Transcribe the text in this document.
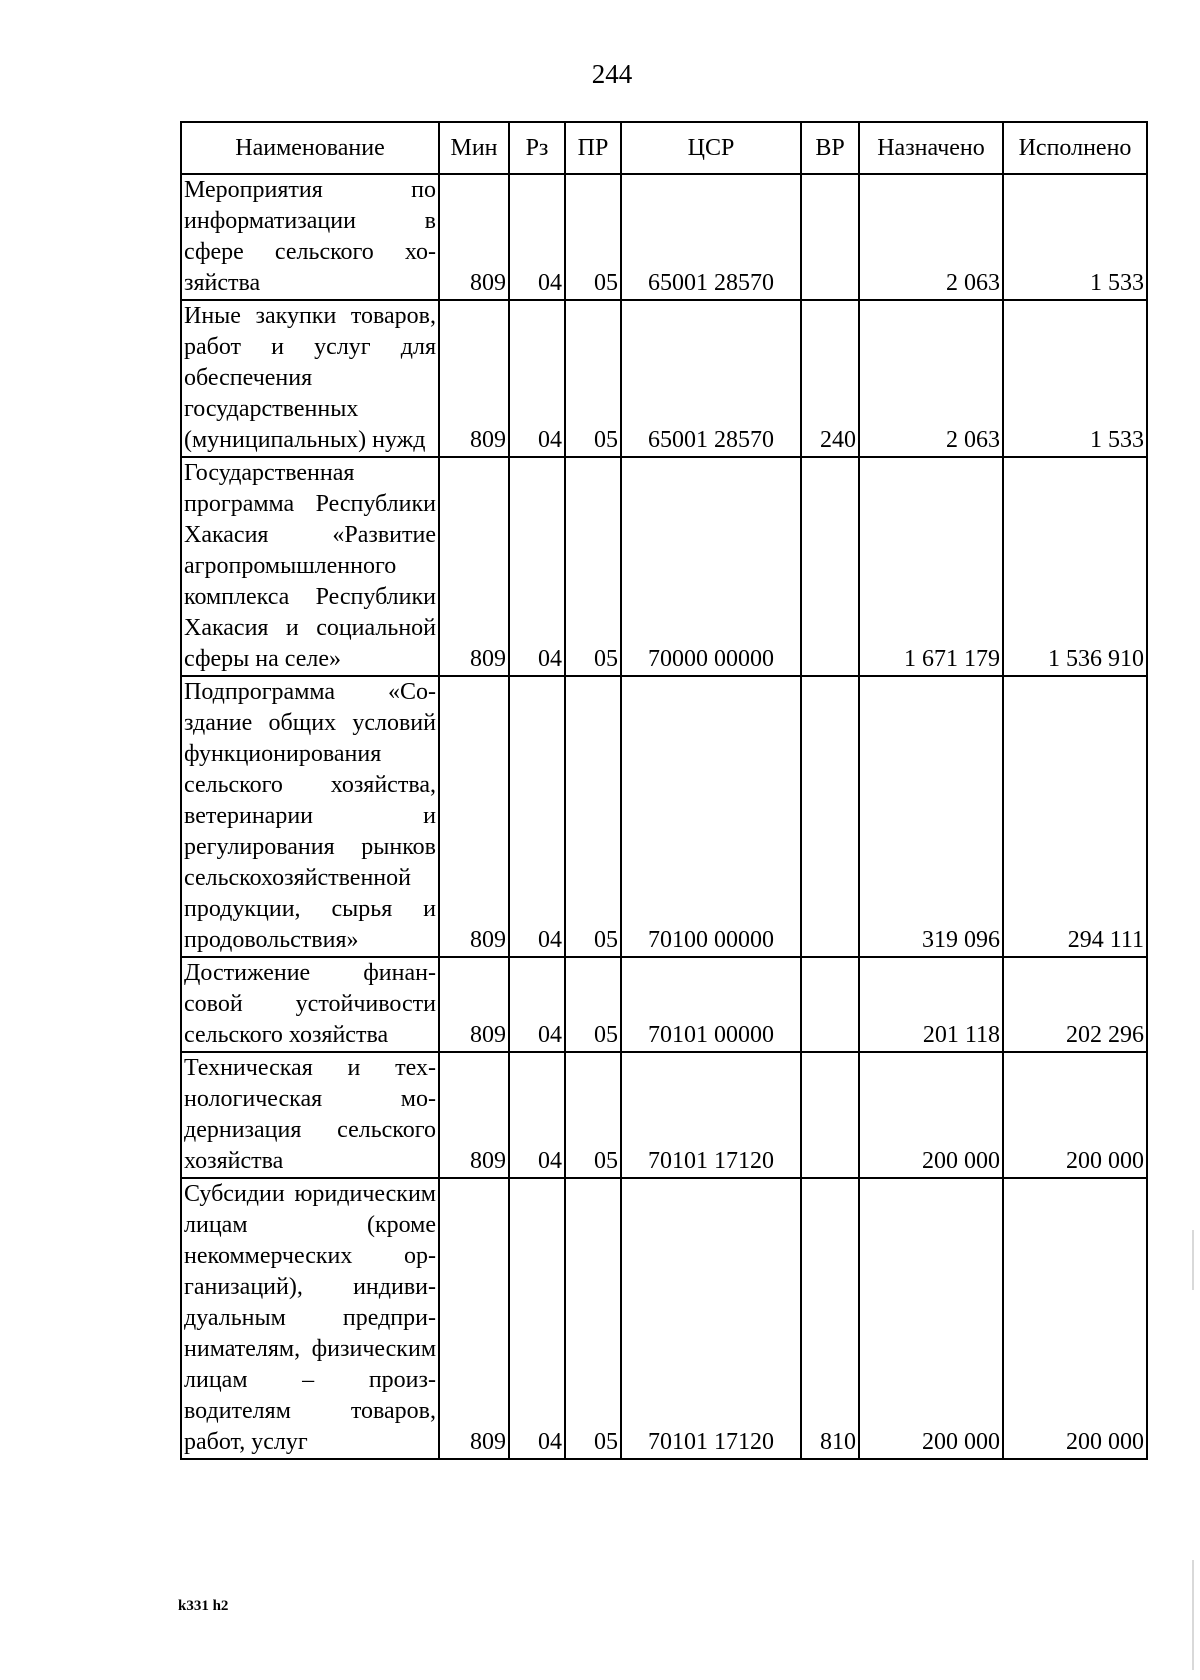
244
Наименование	Мин	Рз	ПР	ЦСР	ВР	Назначено	Исполнено
Мероприятия по информатизации в сфере сельского хозяйства	809	04	05	65001 28570		2 063	1 533
Иные закупки товаров, работ и услуг для обеспечения государственных (муниципальных) нужд	809	04	05	65001 28570	240	2 063	1 533
Государственная программа Республики Хакасия «Развитие агропромышленного комплекса Республики Хакасия и социальной сферы на селе»	809	04	05	70000 00000		1 671 179	1 536 910
Подпрограмма «Создание общих условий функционирования сельского хозяйства, ветеринарии и регулирования рынков сельскохозяйственной продукции, сырья и продовольствия»	809	04	05	70100 00000		319 096	294 111
Достижение финансовой устойчивости сельского хозяйства	809	04	05	70101 00000		201 118	202 296
Техническая и технологическая модернизация сельского хозяйства	809	04	05	70101 17120		200 000	200 000
Субсидии юридическим лицам (кроме некоммерческих организаций), индивидуальным предпринимателям, физическим лицам – производителям товаров, работ, услуг	809	04	05	70101 17120	810	200 000	200 000
k331 h2
